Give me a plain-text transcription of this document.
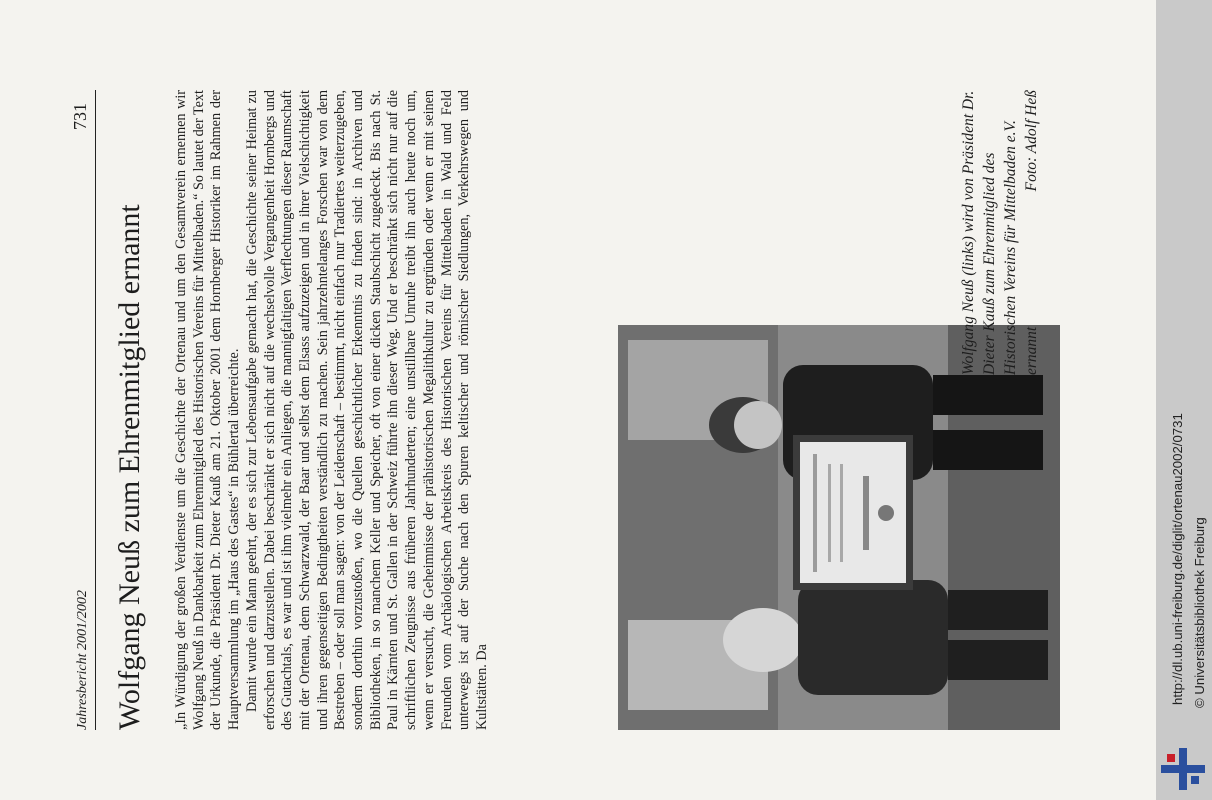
Jahresbericht 2001/2002
731
Wolfgang Neuß zum Ehrenmitglied ernannt „In Würdigung der großen Verdienste um die Geschichte der Ortenau und um den Gesamtverein ernennen wir Wolfgang Neuß in Dankbarkeit zum Ehrenmitglied des Historischen Vereins für Mittelbaden.“ So lautet der Text der Urkunde, die Präsident Dr. Dieter Kauß am 21. Oktober 2001 dem Hornberger Historiker im Rahmen der Hauptversammlung im „Haus des Gastes“ in Bühlertal überreichte. Damit wurde ein Mann geehrt, der es sich zur Lebensaufgabe gemacht hat, die Geschichte seiner Heimat zu erforschen und darzustellen. Dabei beschränkt er sich nicht auf die wechselvolle Vergangenheit Hornbergs und des Gutachtals, es war und ist ihm vielmehr ein Anliegen, die mannigfaltigen Verflechtungen dieser Raumschaft mit der Ortenau, dem Schwarzwald, der Baar und selbst dem Elsass aufzuzeigen und in ihrer Vielschichtigkeit und ihren gegenseitigen Bedingtheiten verständlich zu machen. Sein jahrzehntelanges Forschen war von dem Bestreben – oder soll man sagen: von der Leidenschaft – bestimmt, nicht einfach nur Tradiertes weiterzugeben, sondern dorthin vorzustoßen, wo die Quellen geschichtlicher Erkenntnis zu finden sind: in Archiven und Bibliotheken, in so manchem Keller und Speicher, oft von einer dicken Staubschicht zugedeckt. Bis nach St. Paul in Kärnten und St. Gallen in der Schweiz führte ihn dieser Weg. Und er beschränkt sich nicht nur auf die schriftlichen Zeugnisse aus früheren Jahrhunderten; eine unstillbare Unruhe treibt ihn auch heute noch um, wenn er versucht, die Geheimnisse der prähistorischen Megalithkultur zu ergründen oder wenn er mit seinen Freunden vom Archäologischen Arbeitskreis des Historischen Vereins für Mittelbaden in Wald und Feld unterwegs ist auf der Suche nach den Spuren keltischer und römischer Siedlungen, Verkehrswegen und Kultstätten. Da

Wolfgang Neuß (links) wird von Präsident Dr. Dieter Kauß zum Ehrenmitglied des Historischen Vereins für Mittelbaden e.V. ernannt
Foto: Adolf Heß
http://dl.ub.uni-freiburg.de/diglit/ortenau2002/0731 © Universitätsbibliothek Freiburg
